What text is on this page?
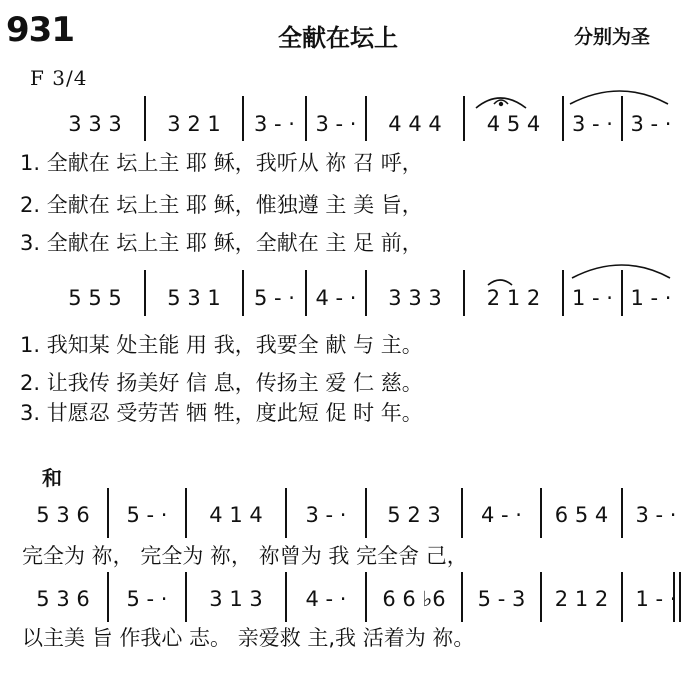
931	全献在坛上	分别为圣
F 3/4
和
3 3 3 3 2 1 3 - · 3 - · 4 4 4 4 5 4 3 - · 3 - ·
1. 全献在 坛上主 耶 稣，我听从 祢 召 呼，
2. 全献在 坛上主 耶 稣，惟独遵 主 美 旨，
3. 全献在 坛上主 耶 稣，全献在 主 足 前，
5 5 5 5 3 1 5 - · 4 - · 3 3 3 2 1 2 1 - · 1 - ·
1. 我知某 处主能 用 我，我要全 献 与 主。
2. 让我传 扬美好 信 息，传扬主 爱 仁 慈。
3. 甘愿忍 受劳苦 牺 牲，度此短 促 时 年。
5 3 6 5 - · 4 1 4 3 - · 5 2 3 4 - · 6 5 4 3 - ·
完全为 祢， 完全为 祢， 祢曾为 我 完全舍 己，
5 3 6 5 - · 3 1 3 4 - · 6 6 ♭6 5 - 3 2 1 2 1 - ·
以主美 旨 作我心 志。 亲爱救 主,我 活着为 祢。
